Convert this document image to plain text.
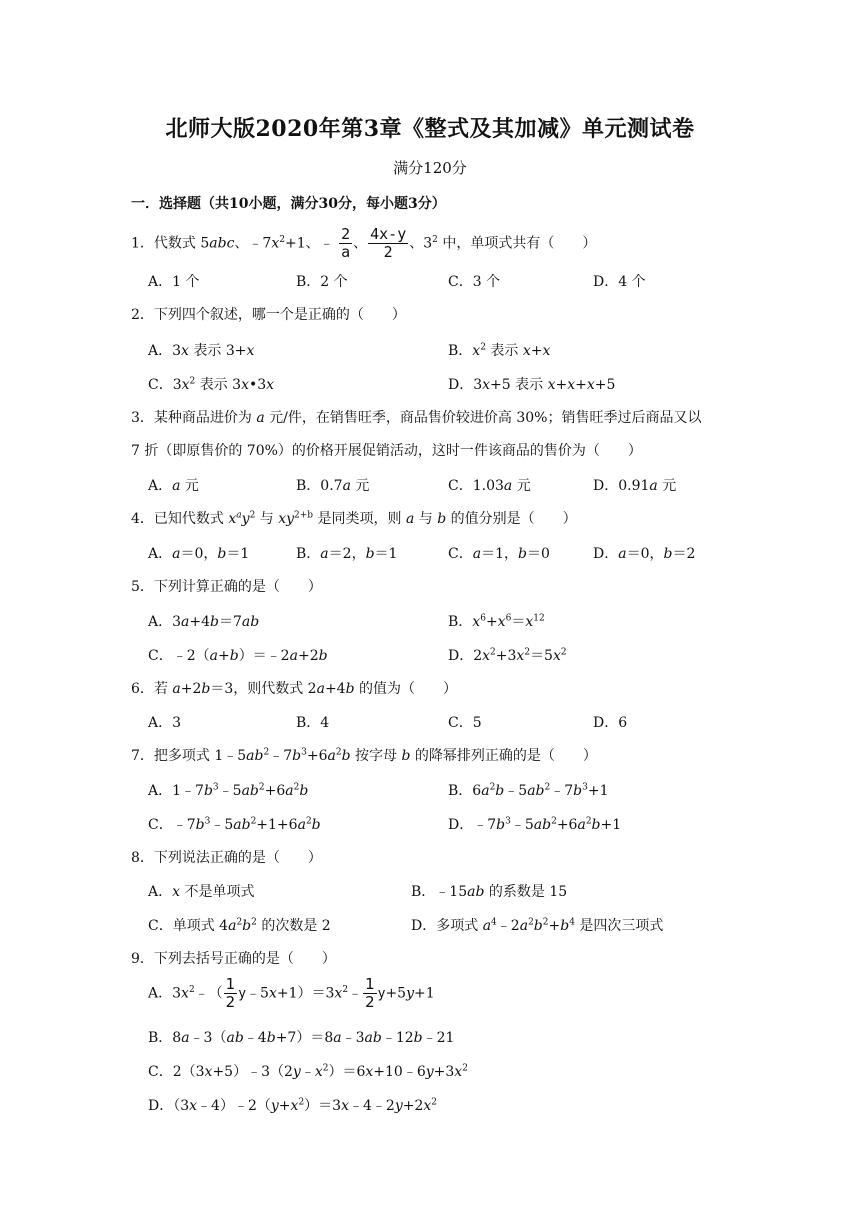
北师大版2020年第3章《整式及其加减》单元测试卷
满分120分
一．选择题（共10小题，满分30分，每小题3分）
1．代数式 5abc、$﹣7x^2+1$、﹣ $\frac{2}{a}$ 、 $\frac{4x-y}{2}$ 、$3^2$ 中，单项式共有（　　）
A．1 个	B．2 个	C．3 个	D．4 个
2．下列四个叙述，哪一个是正确的（　　）
A．3x 表示 3+x	B．$x^2$ 表示 x+x
C．$3x^2$ 表示 3x•3x	D．3x+5 表示 x+x+x+5
3．某种商品进价为 a 元/件，在销售旺季，商品售价较进价高 30%；销售旺季过后商品又以
7 折（即原售价的 70%）的价格开展促销活动，这时一件该商品的售价为（　　）
A．a 元	B．0.7a 元	C．1.03a 元	D．0.91a 元
4．已知代数式 $x^ay^2$ 与 $xy^{2+b}$ 是同类项，则 a 与 b 的值分别是（　　）
A．a＝0，b＝1	B．a＝2，b＝1	C．a＝1，b＝0	D．a＝0，b＝2
5．下列计算正确的是（　　）
A．3a+4b＝7ab	B．$x^6+x^6=x^{12}$
C．﹣2（a+b）＝﹣2a+2b	D．$2x^2+3x^2=5x^2$
6．若 a+2b＝3，则代数式 2a+4b 的值为（　　）
A．3	B．4	C．5	D．6
7．把多项式 $1﹣5ab^2﹣7b^3+6a^2b$ 按字母 b 的降幂排列正确的是（　　）
A．$1﹣7b^3﹣5ab^2+6a^2b$	B．$6a^2b﹣5ab^2﹣7b^3+1$
C．$﹣7b^3﹣5ab^2+1+6a^2b$	D．$﹣7b^3﹣5ab^2+6a^2b+1$
8．下列说法正确的是（　　）
A．x 不是单项式	B．﹣15ab 的系数是 15
C．单项式 $4a^2b^2$ 的次数是 2	D．多项式 $a^4﹣2a^2b^2+b^4$ 是四次三项式
9．下列去括号正确的是（　　）
A．$3x^2﹣( \frac{1}{2}$ $y﹣5x+1)=3x^2﹣ \frac{1}{2} y+5y+1$
B．8a﹣3（ab﹣4b+7）＝8a﹣3ab﹣12b﹣21
C．$2(3x+5)﹣3(2y﹣x^2)=6x+10﹣6y+3x^2$
D．$(3x﹣4)﹣2(y+x^2)=3x﹣4﹣2y+2x^2$
